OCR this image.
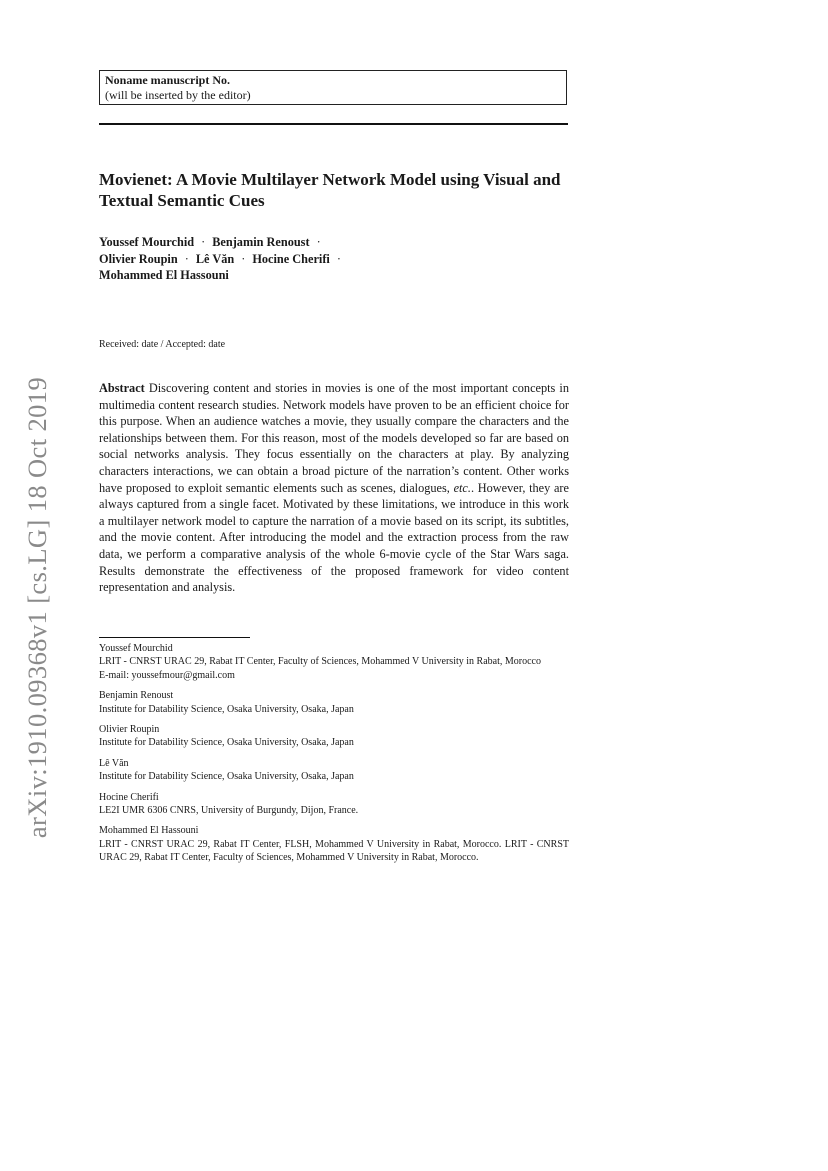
arXiv:1910.09368v1 [cs.LG] 18 Oct 2019
Noname manuscript No.
(will be inserted by the editor)
Movienet: A Movie Multilayer Network Model using Visual and Textual Semantic Cues
Youssef Mourchid · Benjamin Renoust ·
Olivier Roupin · Lê Văn · Hocine Cherifi ·
Mohammed El Hassouni
Received: date / Accepted: date

Abstract Discovering content and stories in movies is one of the most important concepts in multimedia content research studies. Network models have proven to be an efficient choice for this purpose. When an audience watches a movie, they usually compare the characters and the relationships between them. For this reason, most of the models developed so far are based on social networks analysis. They focus essentially on the characters at play. By analyzing characters interactions, we can obtain a broad picture of the narration’s content. Other works have proposed to exploit semantic elements such as scenes, dialogues, etc.. However, they are always captured from a single facet. Motivated by these limitations, we introduce in this work a multilayer network model to capture the narration of a movie based on its script, its subtitles, and the movie content. After introducing the model and the extraction process from the raw data, we perform a comparative analysis of the whole 6-movie cycle of the Star Wars saga. Results demonstrate the effectiveness of the proposed framework for video content representation and analysis.

Youssef Mourchid
LRIT - CNRST URAC 29, Rabat IT Center, Faculty of Sciences, Mohammed V University in Rabat, Morocco
E-mail: youssefmour@gmail.com
Benjamin Renoust
Institute for Datability Science, Osaka University, Osaka, Japan
Olivier Roupin
Institute for Datability Science, Osaka University, Osaka, Japan
Lê Văn
Institute for Datability Science, Osaka University, Osaka, Japan
Hocine Cherifi
LE2I UMR 6306 CNRS, University of Burgundy, Dijon, France.
Mohammed El Hassouni
LRIT - CNRST URAC 29, Rabat IT Center, FLSH, Mohammed V University in Rabat, Morocco. LRIT - CNRST URAC 29, Rabat IT Center, Faculty of Sciences, Mohammed V University in Rabat, Morocco.
